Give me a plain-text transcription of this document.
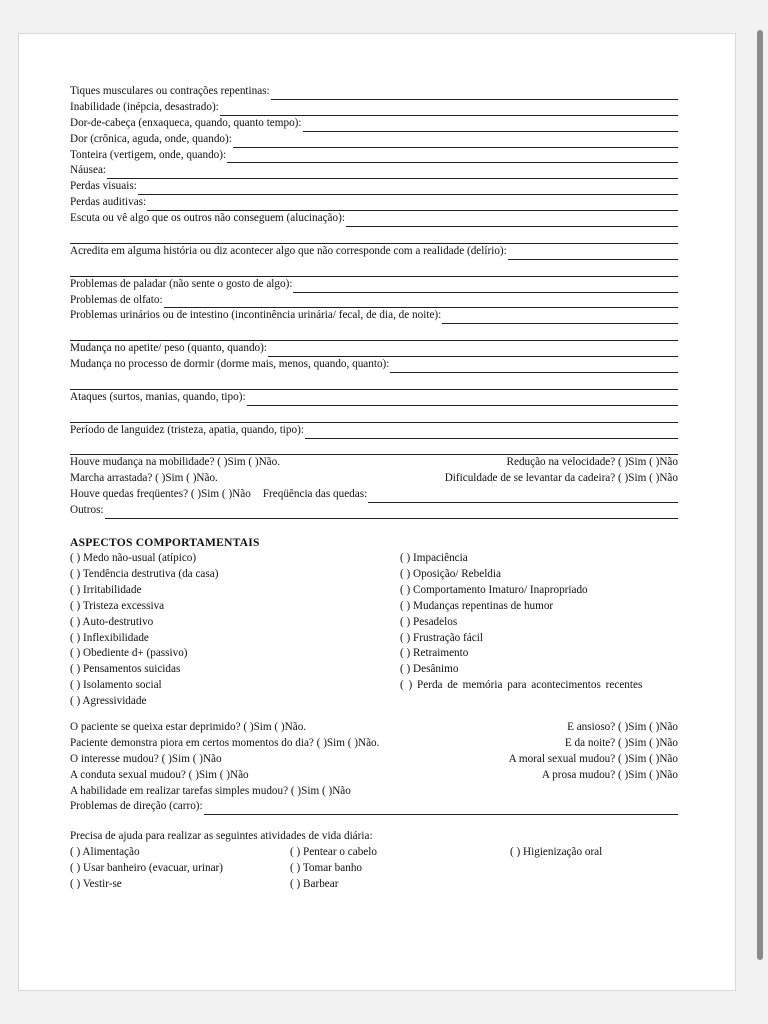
Tiques musculares ou contrações repentinas:
Inabilidade (inépcia, desastrado):
Dor-de-cabeça (enxaqueca, quando, quanto tempo):
Dor (crônica, aguda, onde, quando):
Tonteira (vertigem, onde, quando):
Náusea:
Perdas visuais:
Perdas auditivas:
Escuta ou vê algo que os outros não conseguem (alucinação):
Acredita em alguma história ou diz acontecer algo que não corresponde com a realidade (delírio):
Problemas de paladar (não sente o gosto de algo):
Problemas de olfato:
Problemas urinários ou de intestino (incontinência urinária/ fecal, de dia, de noite):
Mudança no apetite/ peso (quanto, quando):
Mudança no processo de dormir (dorme mais, menos, quando, quanto):
Ataques (surtos, manias, quando, tipo):
Período de languidez (tristeza, apatia, quando, tipo):
Houve mudança na mobilidade? ( )Sim ( )Não.	Redução na velocidade? ( )Sim ( )Não
Marcha arrastada? ( )Sim ( )Não.	Dificuldade de se levantar da cadeira? ( )Sim ( )Não
Houve quedas freqüentes? ( )Sim ( )Não Freqüência das quedas:
Outros:
ASPECTOS COMPORTAMENTAIS
( ) Medo não-usual (atípico)
( ) Tendência destrutiva (da casa)
( ) Irritabilidade
( ) Tristeza excessiva
( ) Auto-destrutivo
( ) Inflexibilidade
( ) Obediente d+ (passivo)
( ) Pensamentos suicidas
( ) Isolamento social
( ) Agressividade
( ) Impaciência
( ) Oposição/ Rebeldia
( ) Comportamento Imaturo/ Inapropriado
( ) Mudanças repentinas de humor
( ) Pesadelos
( ) Frustração fácil
( ) Retraimento
( ) Desânimo
( ) Perda de memória para acontecimentos recentes
O paciente se queixa estar deprimido? ( )Sim ( )Não.	E ansioso? ( )Sim ( )Não
Paciente demonstra piora em certos momentos do dia? ( )Sim ( )Não.	E da noite? ( )Sim ( )Não
O interesse mudou? ( )Sim ( )Não	A moral sexual mudou? ( )Sim ( )Não
A conduta sexual mudou? ( )Sim ( )Não	A prosa mudou? ( )Sim ( )Não
A habilidade em realizar tarefas simples mudou? ( )Sim ( )Não
Problemas de direção (carro):
Precisa de ajuda para realizar as seguintes atividades de vida diária:
( ) Alimentação	( ) Pentear o cabelo	( ) Higienização oral
( ) Usar banheiro (evacuar, urinar)	( ) Tomar banho
( ) Vestir-se	( ) Barbear
